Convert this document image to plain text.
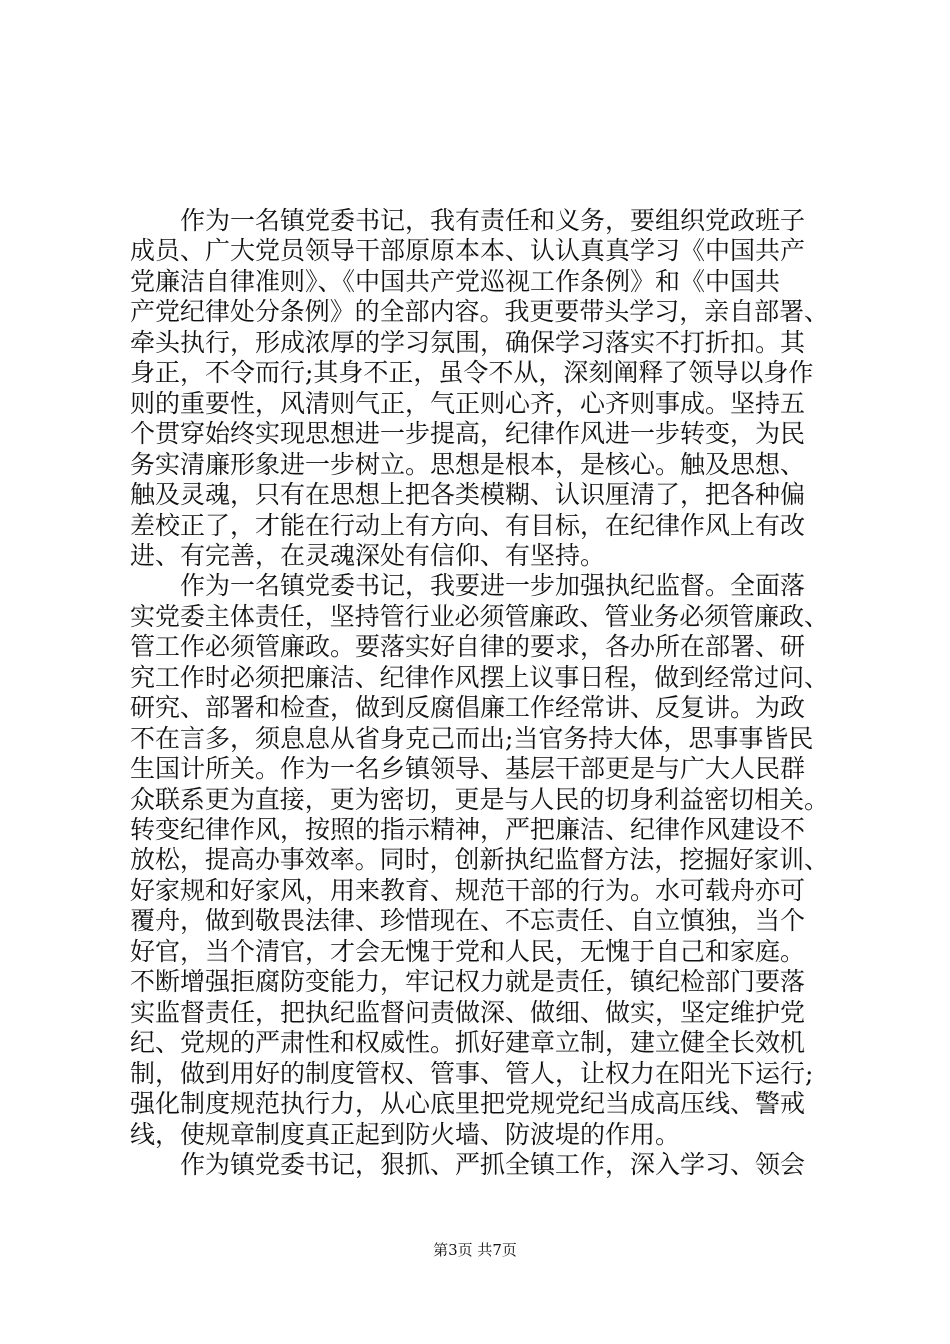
　　作为一名镇党委书记，我有责任和义务，要组织党政班子
成员、广大党员领导干部原原本本、认认真真学习《中国共产
党廉洁自律准则》、《中国共产党巡视工作条例》和《中国共
产党纪律处分条例》的全部内容。我更要带头学习，亲自部署、
牵头执行，形成浓厚的学习氛围，确保学习落实不打折扣。其
身正，不令而行;其身不正，虽令不从，深刻阐释了领导以身作
则的重要性，风清则气正，气正则心齐，心齐则事成。坚持五
个贯穿始终实现思想进一步提高，纪律作风进一步转变，为民
务实清廉形象进一步树立。思想是根本，是核心。触及思想、
触及灵魂，只有在思想上把各类模糊、认识厘清了，把各种偏
差校正了，才能在行动上有方向、有目标，在纪律作风上有改
进、有完善，在灵魂深处有信仰、有坚持。
　　作为一名镇党委书记，我要进一步加强执纪监督。全面落
实党委主体责任，坚持管行业必须管廉政、管业务必须管廉政、
管工作必须管廉政。要落实好自律的要求，各办所在部署、研
究工作时必须把廉洁、纪律作风摆上议事日程，做到经常过问、
研究、部署和检查，做到反腐倡廉工作经常讲、反复讲。为政
不在言多，须息息从省身克己而出;当官务持大体，思事事皆民
生国计所关。作为一名乡镇领导、基层干部更是与广大人民群
众联系更为直接，更为密切，更是与人民的切身利益密切相关。
转变纪律作风，按照的指示精神，严把廉洁、纪律作风建设不
放松，提高办事效率。同时，创新执纪监督方法，挖掘好家训、
好家规和好家风，用来教育、规范干部的行为。水可载舟亦可
覆舟，做到敬畏法律、珍惜现在、不忘责任、自立慎独，当个
好官，当个清官，才会无愧于党和人民，无愧于自己和家庭。
不断增强拒腐防变能力，牢记权力就是责任，镇纪检部门要落
实监督责任，把执纪监督问责做深、做细、做实，坚定维护党
纪、党规的严肃性和权威性。抓好建章立制，建立健全长效机
制，做到用好的制度管权、管事、管人，让权力在阳光下运行;
强化制度规范执行力，从心底里把党规党纪当成高压线、警戒
线，使规章制度真正起到防火墙、防波堤的作用。
　　作为镇党委书记，狠抓、严抓全镇工作，深入学习、领会
第3页 共7页
